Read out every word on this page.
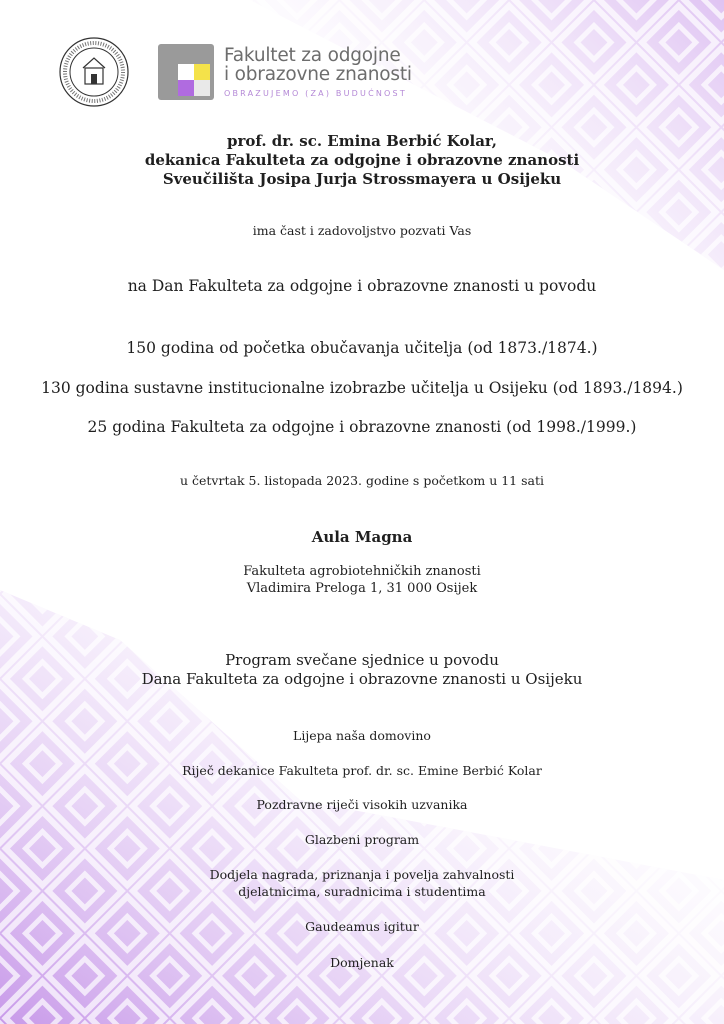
Fakultet za odgojne
i obrazovne znanosti
OBRAZUJEMO (ZA) BUDUĆNOST
prof. dr. sc. Emina Berbić Kolar,
dekanica Fakulteta za odgojne i obrazovne znanosti
Sveučilišta Josipa Jurja Strossmayera u Osijeku
ima čast i zadovoljstvo pozvati Vas
na Dan Fakulteta za odgojne i obrazovne znanosti u povodu
150 godina od početka obučavanja učitelja (od 1873./1874.)
130 godina sustavne institucionalne izobrazbe učitelja u Osijeku (od 1893./1894.)
25 godina Fakulteta za odgojne i obrazovne znanosti (od 1998./1999.)
u četvrtak 5. listopada 2023. godine s početkom u 11 sati
Aula Magna
Fakulteta agrobiotehničkih znanosti
Vladimira Preloga 1, 31 000 Osijek
Program svečane sjednice u povodu
Dana Fakulteta za odgojne i obrazovne znanosti u Osijeku
Lijepa naša domovino
Riječ dekanice Fakulteta prof. dr. sc. Emine Berbić Kolar
Pozdravne riječi visokih uzvanika
Glazbeni program
Dodjela nagrada, priznanja i povelja zahvalnosti
djelatnicima, suradnicima i studentima
Gaudeamus igitur
Domjenak
